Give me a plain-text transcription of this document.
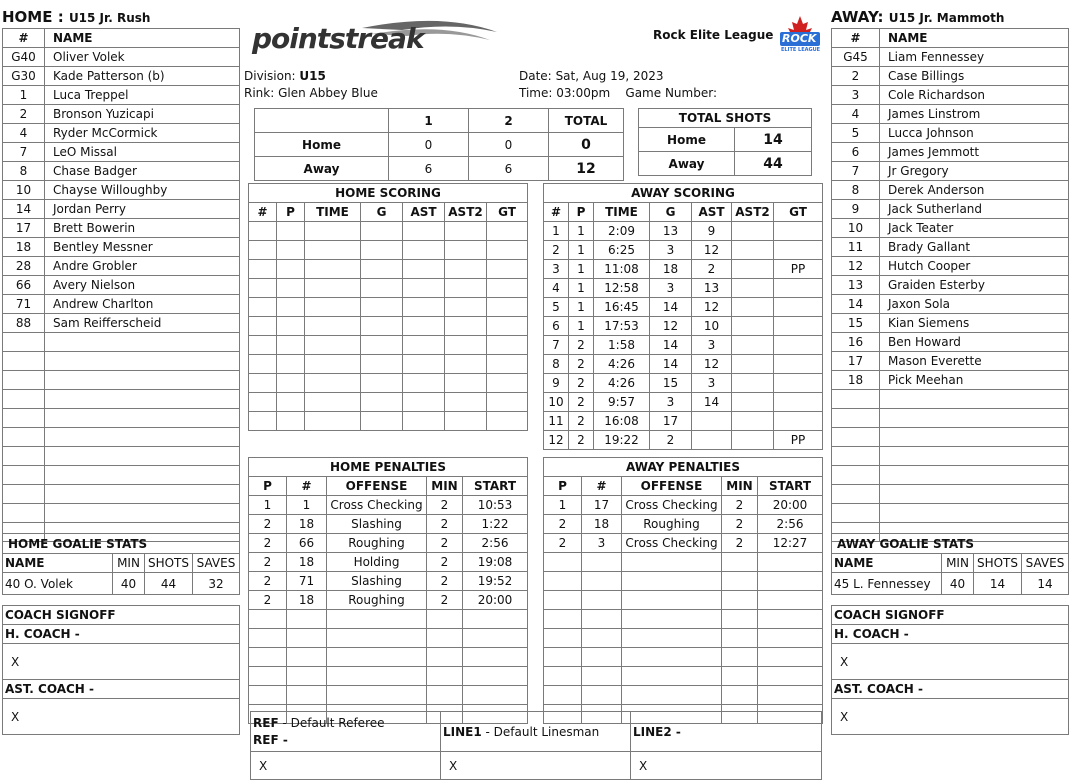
HOME : U15 Jr. Rush
#	NAME
G40	Oliver Volek
G30	Kade Patterson (b)
1	Luca Treppel
2	Bronson Yuzicapi
4	Ryder McCormick
7	LeO Missal
8	Chase Badger
10	Chayse Willoughby
14	Jordan Perry
17	Brett Bowerin
18	Bentley Messner
28	Andre Grobler
66	Avery Nielson
71	Andrew Charlton
88	Sam Reifferscheid

HOME GOALIE STATS			
NAME	MIN	SHOTS	SAVES
40 O. Volek	40	44	32
COACH SIGNOFF
H. COACH -
X
AST. COACH -
X
pointstreak
Division: U15
Rink: Glen Abbey Blue
Date: Sat, Aug 19, 2023
Time: 03:00pm Game Number:
Rock Elite League ROCK
ELITE LEAGUE
	1	2	TOTAL
Home	0	0	0
Away	6	6	12
TOTAL SHOTS	
Home	14
Away	44
HOME SCORING						
#	P	TIME	G	AST	AST2	GT

AWAY SCORING						
#	P	TIME	G	AST	AST2	GT
1	1	2:09	13	9		
2	1	6:25	3	12		
3	1	11:08	18	2		PP
4	1	12:58	3	13		
5	1	16:45	14	12		
6	1	17:53	12	10		
7	2	1:58	14	3		
8	2	4:26	14	12		
9	2	4:26	15	3		
10	2	9:57	3	14		
11	2	16:08	17			
12	2	19:22	2			PP
HOME PENALTIES				
P	#	OFFENSE	MIN	START
1	1	Cross Checking	2	10:53
2	18	Slashing	2	1:22
2	66	Roughing	2	2:56
2	18	Holding	2	19:08
2	71	Slashing	2	19:52
2	18	Roughing	2	20:00

AWAY PENALTIES				
P	#	OFFENSE	MIN	START
1	17	Cross Checking	2	20:00
2	18	Roughing	2	2:56
2	3	Cross Checking	2	12:27

REF - Default Referee
REF -	LINE1 - Default Linesman	LINE2 -
X	X	X
AWAY: U15 Jr. Mammoth
#	NAME
G45	Liam Fennessey
2	Case Billings
3	Cole Richardson
4	James Linstrom
5	Lucca Johnson
6	James Jemmott
7	Jr Gregory
8	Derek Anderson
9	Jack Sutherland
10	Jack Teater
11	Brady Gallant
12	Hutch Cooper
13	Graiden Esterby
14	Jaxon Sola
15	Kian Siemens
16	Ben Howard
17	Mason Everette
18	Pick Meehan

AWAY GOALIE STATS			
NAME	MIN	SHOTS	SAVES
45 L. Fennessey	40	14	14
COACH SIGNOFF
H. COACH -
X
AST. COACH -
X
